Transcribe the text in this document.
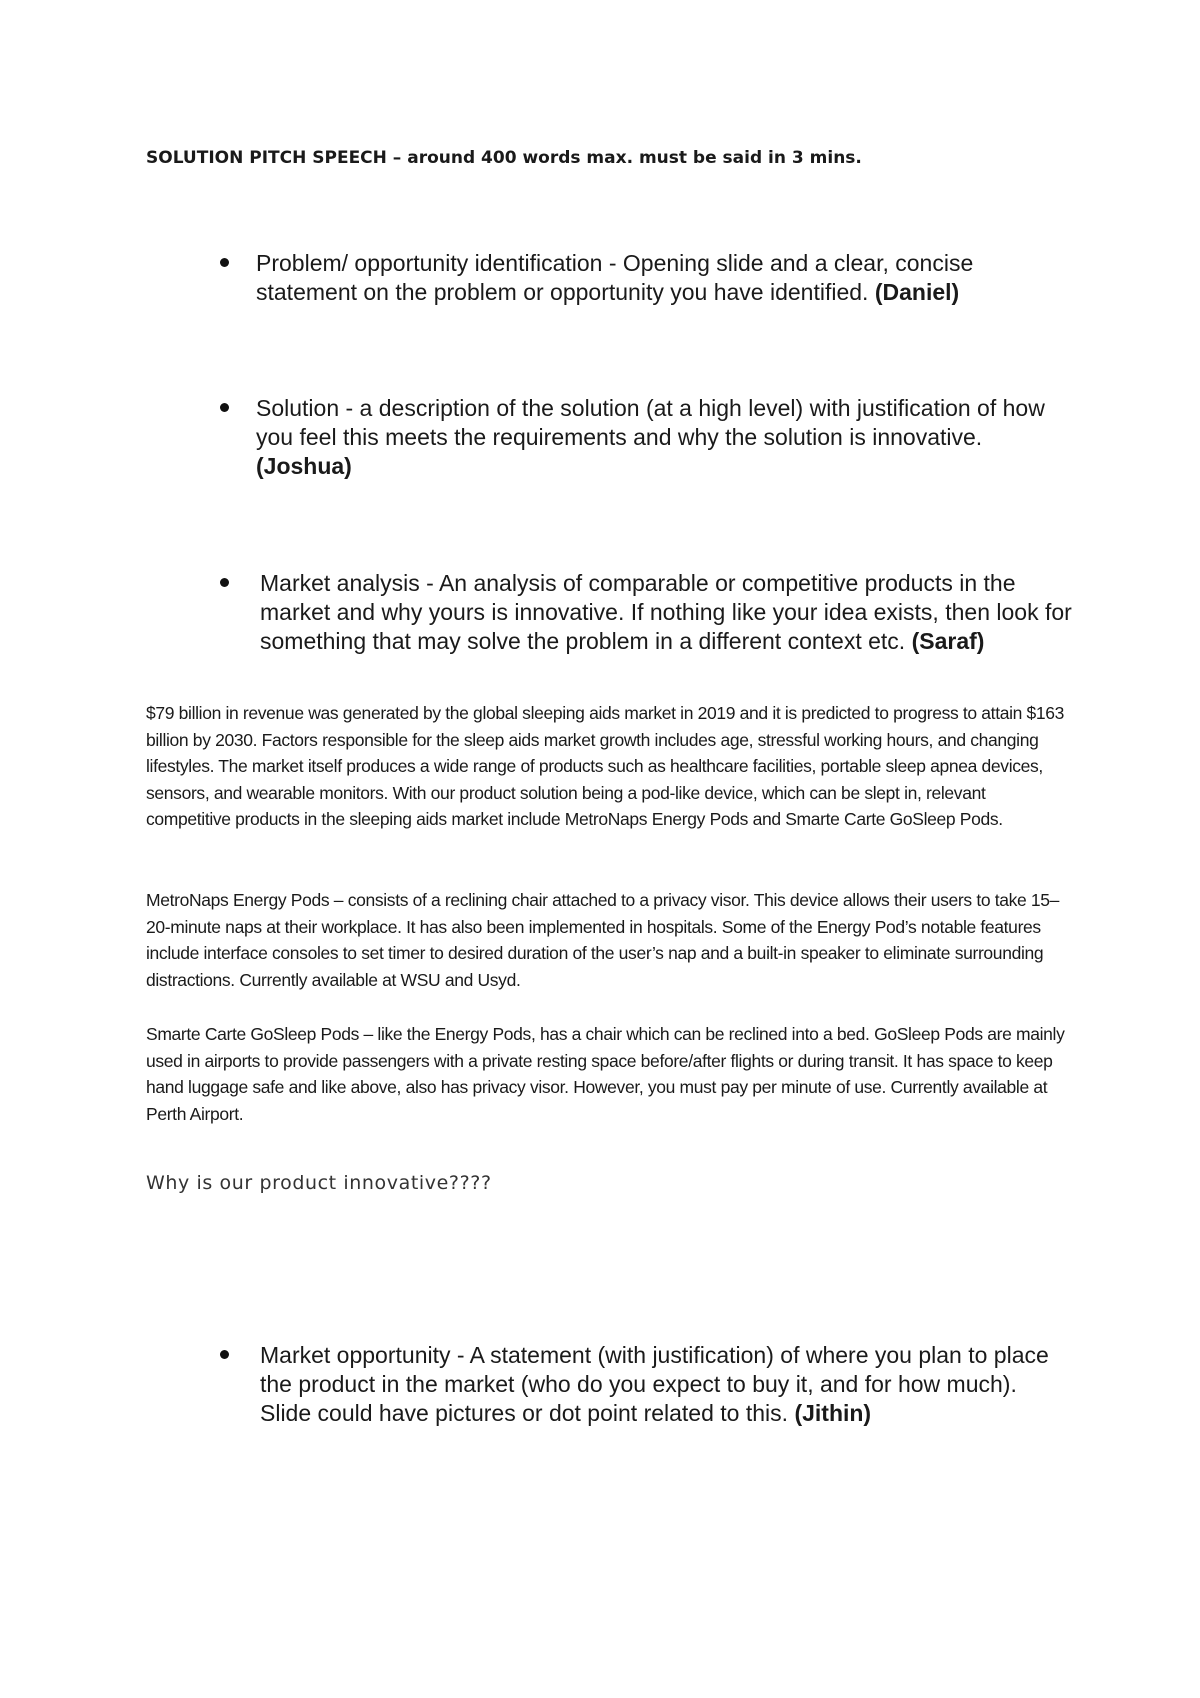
SOLUTION PITCH SPEECH – around 400 words max. must be said in 3 mins.
Problem/ opportunity identification - Opening slide and a clear, concise statement on the problem or opportunity you have identified. (Daniel)
Solution - a description of the solution (at a high level) with justification of how you feel this meets the requirements and why the solution is innovative. (Joshua)
Market analysis - An analysis of comparable or competitive products in the market and why yours is innovative. If nothing like your idea exists, then look for something that may solve the problem in a different context etc. (Saraf)

$79 billion in revenue was generated by the global sleeping aids market in 2019 and it is predicted to progress to attain $163 billion by 2030. Factors responsible for the sleep aids market growth includes age, stressful working hours, and changing lifestyles. The market itself produces a wide range of products such as healthcare facilities, portable sleep apnea devices, sensors, and wearable monitors. With our product solution being a pod-like device, which can be slept in, relevant competitive products in the sleeping aids market include MetroNaps Energy Pods and Smarte Carte GoSleep Pods.

MetroNaps Energy Pods – consists of a reclining chair attached to a privacy visor. This device allows their users to take 15–20-minute naps at their workplace. It has also been implemented in hospitals. Some of the Energy Pod’s notable features include interface consoles to set timer to desired duration of the user’s nap and a built-in speaker to eliminate surrounding distractions. Currently available at WSU and Usyd.

Smarte Carte GoSleep Pods – like the Energy Pods, has a chair which can be reclined into a bed. GoSleep Pods are mainly used in airports to provide passengers with a private resting space before/after flights or during transit. It has space to keep hand luggage safe and like above, also has privacy visor. However, you must pay per minute of use. Currently available at Perth Airport.

Why is our product innovative????
Market opportunity - A statement (with justification) of where you plan to place the product in the market (who do you expect to buy it, and for how much). Slide could have pictures or dot point related to this. (Jithin)
